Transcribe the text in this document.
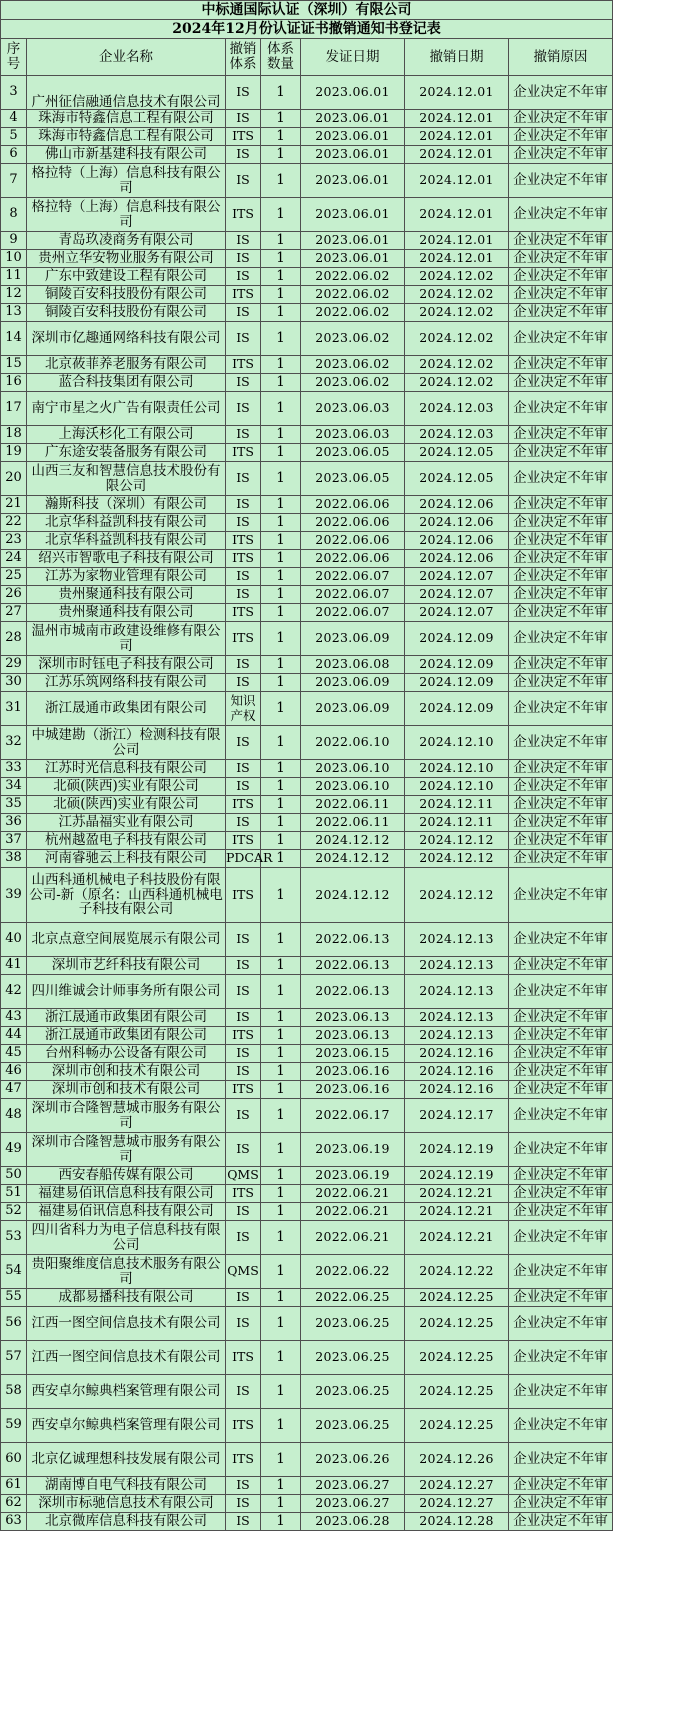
中标通国际认证（深圳）有限公司						
2024年12月份认证证书撤销通知书登记表						
序号	企业名称	撤销体系	体系数量	发证日期	撤销日期	撤销原因
3	广州征信融通信息技术有限公司	IS	1	2023.06.01	2024.12.01	企业决定不年审
4	珠海市特鑫信息工程有限公司	IS	1	2023.06.01	2024.12.01	企业决定不年审
5	珠海市特鑫信息工程有限公司	ITS	1	2023.06.01	2024.12.01	企业决定不年审
6	佛山市新基建科技有限公司	IS	1	2023.06.01	2024.12.01	企业决定不年审
7	格拉特（上海）信息科技有限公司	IS	1	2023.06.01	2024.12.01	企业决定不年审
8	格拉特（上海）信息科技有限公司	ITS	1	2023.06.01	2024.12.01	企业决定不年审
9	青岛玖凌商务有限公司	IS	1	2023.06.01	2024.12.01	企业决定不年审
10	贵州立华安物业服务有限公司	IS	1	2023.06.01	2024.12.01	企业决定不年审
11	广东中致建设工程有限公司	IS	1	2022.06.02	2024.12.02	企业决定不年审
12	铜陵百安科技股份有限公司	ITS	1	2022.06.02	2024.12.02	企业决定不年审
13	铜陵百安科技股份有限公司	IS	1	2022.06.02	2024.12.02	企业决定不年审
14	深圳市亿趣通网络科技有限公司	IS	1	2023.06.02	2024.12.02	企业决定不年审
15	北京莜菲养老服务有限公司	ITS	1	2023.06.02	2024.12.02	企业决定不年审
16	蓝合科技集团有限公司	IS	1	2023.06.02	2024.12.02	企业决定不年审
17	南宁市星之火广告有限责任公司	IS	1	2023.06.03	2024.12.03	企业决定不年审
18	上海沃杉化工有限公司	IS	1	2023.06.03	2024.12.03	企业决定不年审
19	广东途安装备服务有限公司	ITS	1	2023.06.05	2024.12.05	企业决定不年审
20	山西三友和智慧信息技术股份有限公司	IS	1	2023.06.05	2024.12.05	企业决定不年审
21	瀚斯科技（深圳）有限公司	IS	1	2022.06.06	2024.12.06	企业决定不年审
22	北京华科益凯科技有限公司	IS	1	2022.06.06	2024.12.06	企业决定不年审
23	北京华科益凯科技有限公司	ITS	1	2022.06.06	2024.12.06	企业决定不年审
24	绍兴市智歌电子科技有限公司	ITS	1	2022.06.06	2024.12.06	企业决定不年审
25	江苏为家物业管理有限公司	IS	1	2022.06.07	2024.12.07	企业决定不年审
26	贵州聚通科技有限公司	IS	1	2022.06.07	2024.12.07	企业决定不年审
27	贵州聚通科技有限公司	ITS	1	2022.06.07	2024.12.07	企业决定不年审
28	温州市城南市政建设维修有限公司	ITS	1	2023.06.09	2024.12.09	企业决定不年审
29	深圳市时钰电子科技有限公司	IS	1	2023.06.08	2024.12.09	企业决定不年审
30	江苏乐筑网络科技有限公司	IS	1	2023.06.09	2024.12.09	企业决定不年审
31	浙江晟通市政集团有限公司	知识产权	1	2023.06.09	2024.12.09	企业决定不年审
32	中城建勘（浙江）检测科技有限公司	IS	1	2022.06.10	2024.12.10	企业决定不年审
33	江苏时光信息科技有限公司	IS	1	2023.06.10	2024.12.10	企业决定不年审
34	北硕(陕西)实业有限公司	IS	1	2023.06.10	2024.12.10	企业决定不年审
35	北硕(陕西)实业有限公司	ITS	1	2022.06.11	2024.12.11	企业决定不年审
36	江苏晶福实业有限公司	IS	1	2022.06.11	2024.12.11	企业决定不年审
37	杭州越盈电子科技有限公司	ITS	1	2024.12.12	2024.12.12	企业决定不年审
38	河南睿驰云上科技有限公司	PDCAR	1	2024.12.12	2024.12.12	企业决定不年审
39	山西科通机械电子科技股份有限公司-新（原名：山西科通机械电子科技有限公司	ITS	1	2024.12.12	2024.12.12	企业决定不年审
40	北京点意空间展览展示有限公司	IS	1	2022.06.13	2024.12.13	企业决定不年审
41	深圳市艺纤科技有限公司	IS	1	2022.06.13	2024.12.13	企业决定不年审
42	四川维诚会计师事务所有限公司	IS	1	2022.06.13	2024.12.13	企业决定不年审
43	浙江晟通市政集团有限公司	IS	1	2023.06.13	2024.12.13	企业决定不年审
44	浙江晟通市政集团有限公司	ITS	1	2023.06.13	2024.12.13	企业决定不年审
45	台州科畅办公设备有限公司	IS	1	2023.06.15	2024.12.16	企业决定不年审
46	深圳市创和技术有限公司	IS	1	2023.06.16	2024.12.16	企业决定不年审
47	深圳市创和技术有限公司	ITS	1	2023.06.16	2024.12.16	企业决定不年审
48	深圳市合隆智慧城市服务有限公司	IS	1	2022.06.17	2024.12.17	企业决定不年审
49	深圳市合隆智慧城市服务有限公司	IS	1	2023.06.19	2024.12.19	企业决定不年审
50	西安春船传媒有限公司	QMS	1	2023.06.19	2024.12.19	企业决定不年审
51	福建易佰讯信息科技有限公司	ITS	1	2022.06.21	2024.12.21	企业决定不年审
52	福建易佰讯信息科技有限公司	IS	1	2022.06.21	2024.12.21	企业决定不年审
53	四川省科力为电子信息科技有限公司	IS	1	2022.06.21	2024.12.21	企业决定不年审
54	贵阳聚维度信息技术服务有限公司	QMS	1	2022.06.22	2024.12.22	企业决定不年审
55	成都易播科技有限公司	IS	1	2022.06.25	2024.12.25	企业决定不年审
56	江西一图空间信息技术有限公司	IS	1	2023.06.25	2024.12.25	企业决定不年审
57	江西一图空间信息技术有限公司	ITS	1	2023.06.25	2024.12.25	企业决定不年审
58	西安卓尔鲸典档案管理有限公司	IS	1	2023.06.25	2024.12.25	企业决定不年审
59	西安卓尔鲸典档案管理有限公司	ITS	1	2023.06.25	2024.12.25	企业决定不年审
60	北京亿诚理想科技发展有限公司	ITS	1	2023.06.26	2024.12.26	企业决定不年审
61	湖南博自电气科技有限公司	IS	1	2023.06.27	2024.12.27	企业决定不年审
62	深圳市标驰信息技术有限公司	IS	1	2023.06.27	2024.12.27	企业决定不年审
63	北京微库信息科技有限公司	IS	1	2023.06.28	2024.12.28	企业决定不年审
